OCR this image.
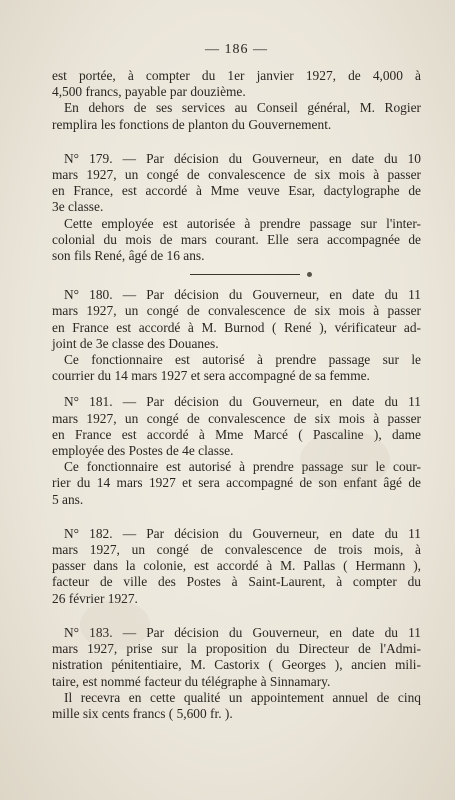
— 186 —
est portée, à compter du 1er janvier 1927, de 4,000 à
4,500 francs, payable par douzième.
En dehors de ses services au Conseil général, M. Rogier
remplira les fonctions de planton du Gouvernement.
N° 179. — Par décision du Gouverneur, en date du 10
mars 1927, un congé de convalescence de six mois à passer
en France, est accordé à Mme veuve Esar, dactylographe de
3e classe.
Cette employée est autorisée à prendre passage sur l'inter-
colonial du mois de mars courant. Elle sera accompagnée de
son fils René, âgé de 16 ans.
N° 180. — Par décision du Gouverneur, en date du 11
mars 1927, un congé de convalescence de six mois à passer
en France est accordé à M. Burnod ( René ), vérificateur ad-
joint de 3e classe des Douanes.
Ce fonctionnaire est autorisé à prendre passage sur le
courrier du 14 mars 1927 et sera accompagné de sa femme.
N° 181. — Par décision du Gouverneur, en date du 11
mars 1927, un congé de convalescence de six mois à passer
en France est accordé à Mme Marcé ( Pascaline ), dame
employée des Postes de 4e classe.
Ce fonctionnaire est autorisé à prendre passage sur le cour-
rier du 14 mars 1927 et sera accompagné de son enfant âgé de
5 ans.
N° 182. — Par décision du Gouverneur, en date du 11
mars 1927, un congé de convalescence de trois mois, à
passer dans la colonie, est accordé à M. Pallas ( Hermann ),
facteur de ville des Postes à Saint-Laurent, à compter du
26 février 1927.
N° 183. — Par décision du Gouverneur, en date du 11
mars 1927, prise sur la proposition du Directeur de l'Admi-
nistration pénitentiaire, M. Castorix ( Georges ), ancien mili-
taire, est nommé facteur du télégraphe à Sinnamary.
Il recevra en cette qualité un appointement annuel de cinq
mille six cents francs ( 5,600 fr. ).
